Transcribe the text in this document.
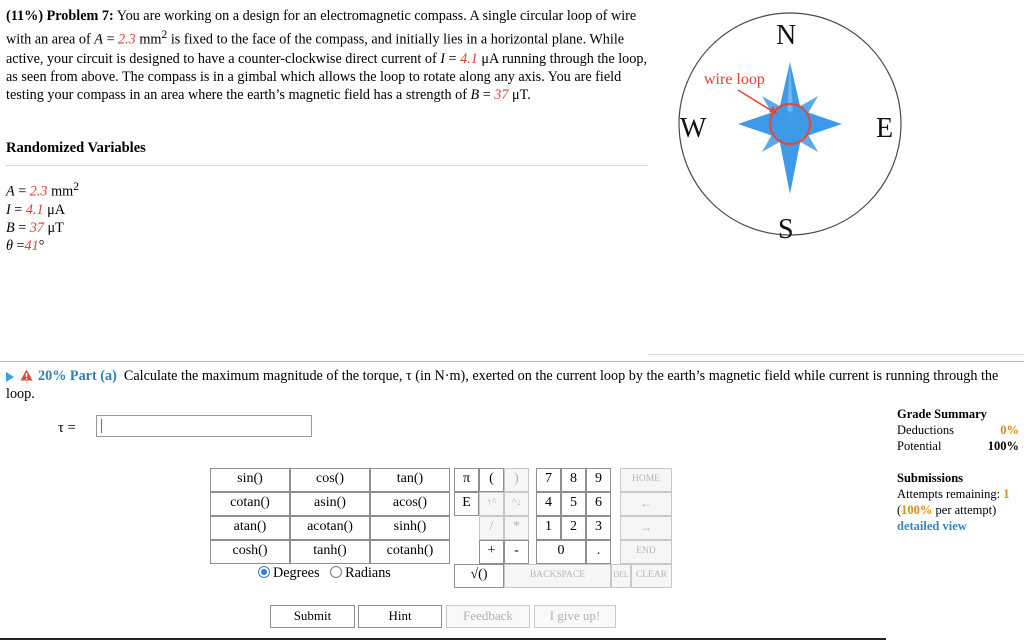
(11%) Problem 7: You are working on a design for an electromagnetic compass. A single circular loop of wire with an area of A = 2.3 $mm^2$ is fixed to the face of the compass, and initially lies in a horizontal plane. While active, your circuit is designed to have a counter-clockwise direct current of I = 4.1 μA running through the loop, as seen from above. The compass is in a gimbal which allows the loop to rotate along any axis. You are field testing your compass in an area where the earth’s magnetic field has a strength of B = 37 μT.
Randomized Variables
A = 2.3 $mm^2$
I = 4.1 μA
B = 37 μT
θ =41°
wire loop
N
S
W	E
20% Part (a) Calculate the maximum magnitude of the torque, τ (in N·m), exerted on the current loop by the earth’s magnetic field while current is running through the loop.
τ =
sin()	cos()	tan()
cotan()	asin()	acos()
atan()	acotan()	sinh()
cosh()	tanh()	cotanh()
π	(	)
E	↑^	^↓
/	*
+	-
√()
7	8	9
4	5	6
1	2	3
0	.
BACKSPACE
HOME
←
→
END
DEL CLEAR
Degrees Radians
Submit	Hint	Feedback	I give up!
Grade Summary
Deductions	0%
Potential	100%
Submissions
Attempts remaining: 1
(100% per attempt)
detailed view
